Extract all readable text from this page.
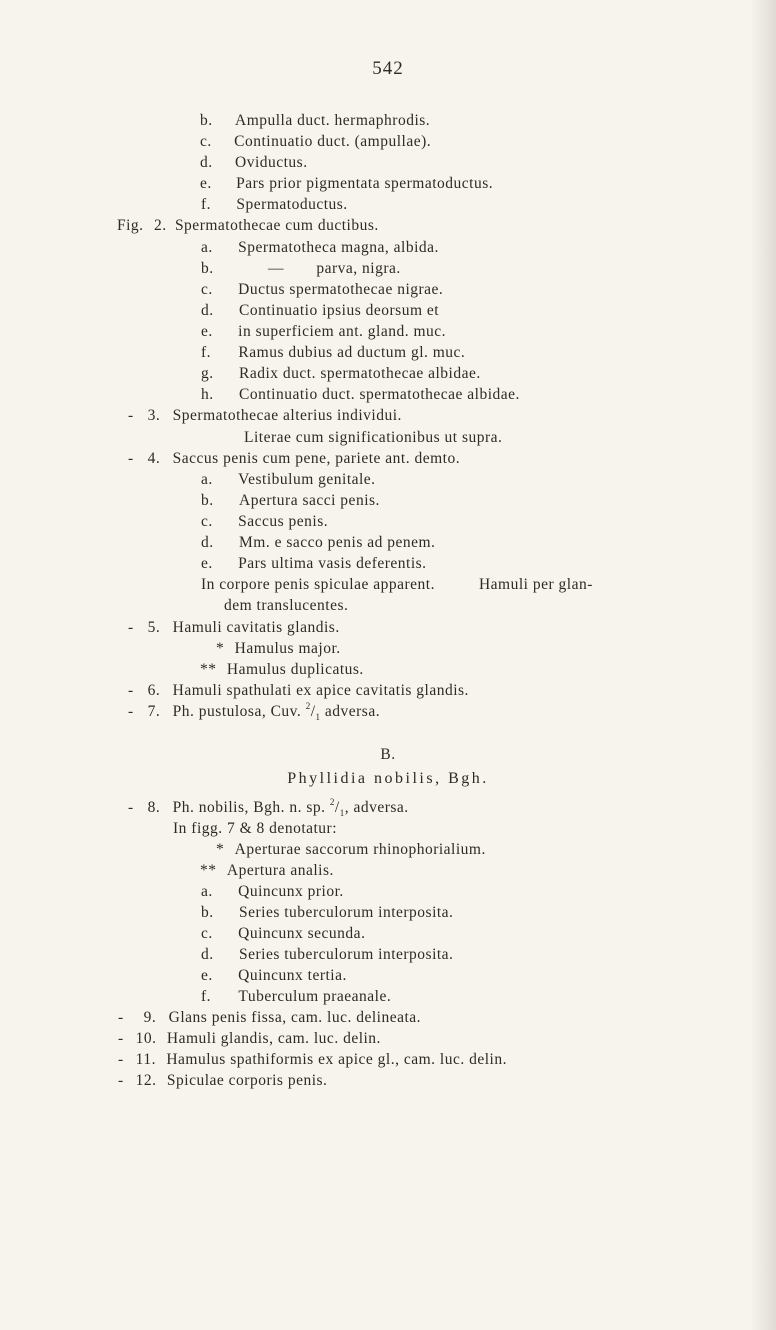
542
b. Ampulla duct. hermaphrodis.
c. Continuatio duct. (ampullae).
d. Oviductus.
e. Pars prior pigmentata spermatoductus.
f. Spermatoductus.
Fig. 2. Spermatothecae cum ductibus.
a. Spermatotheca magna, albida.
b.	— parva, nigra.
c. Ductus spermatothecae nigrae.
d. Continuatio ipsius deorsum et
e. in superficiem ant. gland. muc.
f. Ramus dubius ad ductum gl. muc.
g. Radix duct. spermatothecae albidae.
h. Continuatio duct. spermatothecae albidae.
- 3. Spermatothecae alterius individui.
Literae cum significationibus ut supra.
- 4. Saccus penis cum pene, pariete ant. demto.
a. Vestibulum genitale.
b. Apertura sacci penis.
c. Saccus penis.
d. Mm. e sacco penis ad penem.
e. Pars ultima vasis deferentis.
In corpore penis spiculae apparent.	Hamuli per glan-
dem translucentes.
- 5. Hamuli cavitatis glandis.
* Hamulus major.
** Hamulus duplicatus.
- 6. Hamuli spathulati ex apice cavitatis glandis.
- 7. Ph. pustulosa, Cuv. $^2/_1$ adversa.
B.
Phyllidia nobilis, Bgh.
- 8. Ph. nobilis, Bgh. n. sp. $^2/_1$, adversa.
In figg. 7 & 8 denotatur:
* Aperturae saccorum rhinophorialium.
** Apertura analis.
a. Quincunx prior.
b. Series tuberculorum interposita.
c. Quincunx secunda.
d. Series tuberculorum interposita.
e. Quincunx tertia.
f. Tuberculum praeanale.
- 9. Glans penis fissa, cam. luc. delineata.
- 10. Hamuli glandis, cam. luc. delin.
- 11. Hamulus spathiformis ex apice gl., cam. luc. delin.
- 12. Spiculae corporis penis.
